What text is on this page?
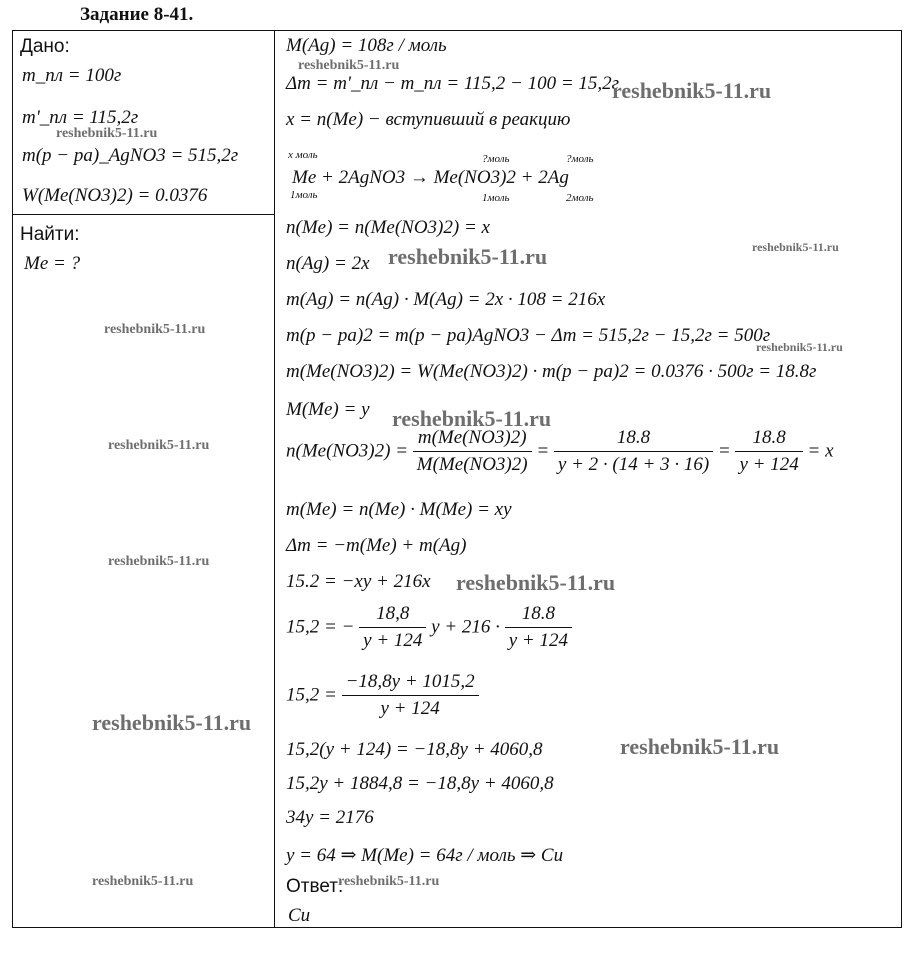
Задание 8-41.
Дано:
m_пл = 100г
m'_пл = 115,2г
m(p − pa)_AgNO3 = 515,2г
W(Me(NO3)2) = 0.0376
Найти:
Me = ?
M(Ag) = 108г / моль
Δm = m'_пл − m_пл = 115,2 − 100 = 15,2г
x = n(Me) − вступивший в реакцию
x моль	?моль	?моль
Me + 2AgNO3 → Me(NO3)2 + 2Ag
1моль	1моль	2моль
n(Me) = n(Me(NO3)2) = x
n(Ag) = 2x
m(Ag) = n(Ag) · M(Ag) = 2x · 108 = 216x
m(p − pa)2 = m(p − pa)AgNO3 − Δm = 515,2г − 15,2г = 500г
m(Me(NO3)2) = W(Me(NO3)2) · m(p − pa)2 = 0.0376 · 500г = 18.8г
M(Me) = y
$n(Me(NO3)2) = \frac{m(Me(NO3)2)}{M(Me(NO3)2)} = \frac{18.8}{y + 2 \cdot (14 + 3 \cdot 16)} = \frac{18.8}{y + 124} = x$
m(Me) = n(Me) · M(Me) = xy
Δm = −m(Me) + m(Ag)
15.2 = −xy + 216x
15,2 = − $\frac{18,8}{y + 124}$ $y + 216 \cdot \frac{18.8}{y + 124}$
$15,2 = \frac{-18,8y + 1015,2}{y + 124}$
15,2(y + 124) = −18,8y + 4060,8
15,2y + 1884,8 = −18,8y + 4060,8
34y = 2176
y = 64 ⇒ M(Me) = 64г / моль ⇒ Cu
Ответ:
Cu
reshebnik5-11.ru
reshebnik5-11.ru
reshebnik5-11.ru
reshebnik5-11.ru
reshebnik5-11.ru
reshebnik5-11.ru
reshebnik5-11.ru
reshebnik5-11.ru
reshebnik5-11.ru
reshebnik5-11.ru
reshebnik5-11.ru
reshebnik5-11.ru
reshebnik5-11.ru
reshebnik5-11.ru	reshebnik5-11.ru
